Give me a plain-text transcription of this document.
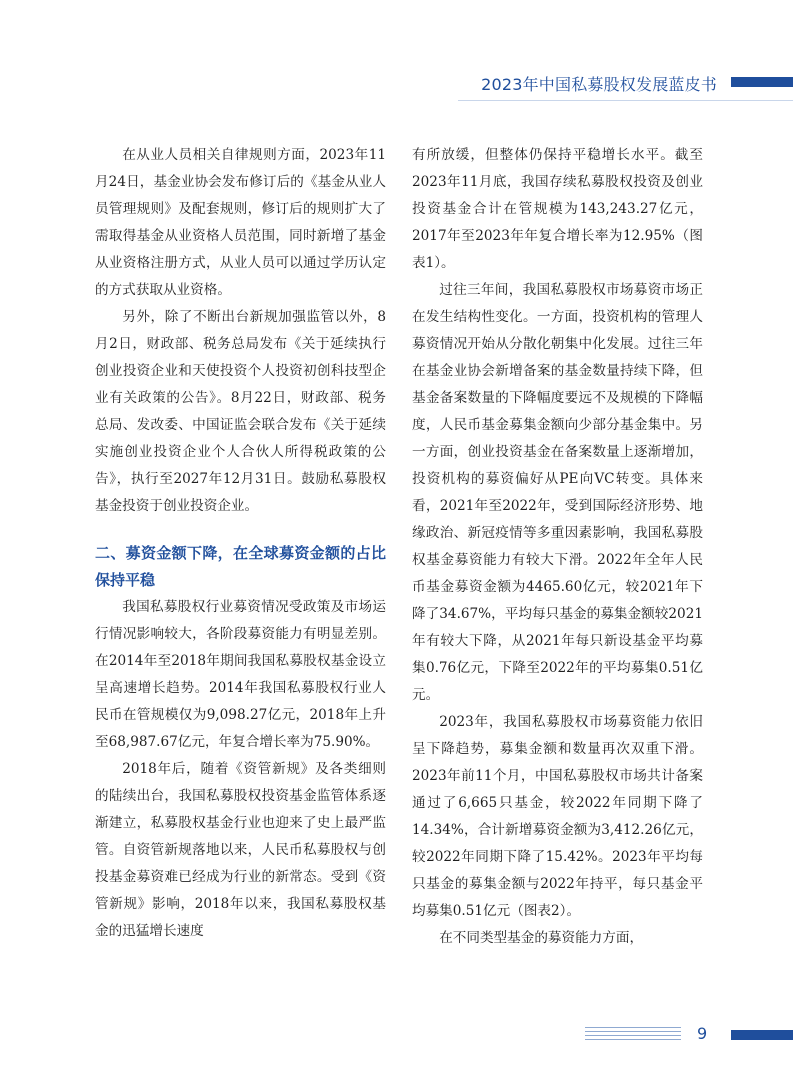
2023年中国私募股权发展蓝皮书

在从业人员相关自律规则方面，2023年11月24日，基金业协会发布修订后的《基金从业人员管理规则》及配套规则，修订后的规则扩大了需取得基金从业资格人员范围，同时新增了基金从业资格注册方式，从业人员可以通过学历认定的方式获取从业资格。

另外，除了不断出台新规加强监管以外，8月2日，财政部、税务总局发布《关于延续执行创业投资企业和天使投资个人投资初创科技型企业有关政策的公告》。8月22日，财政部、税务总局、发改委、中国证监会联合发布《关于延续实施创业投资企业个人合伙人所得税政策的公告》，执行至2027年12月31日。鼓励私募股权基金投资于创业投资企业。

二、募资金额下降，在全球募资金额的占比保持平稳

我国私募股权行业募资情况受政策及市场运行情况影响较大，各阶段募资能力有明显差别。在2014年至2018年期间我国私募股权基金设立呈高速增长趋势。2014年我国私募股权行业人民币在管规模仅为9,098.27亿元，2018年上升至68,987.67亿元，年复合增长率为75.90%。

2018年后，随着《资管新规》及各类细则的陆续出台，我国私募股权投资基金监管体系逐渐建立，私募股权基金行业也迎来了史上最严监管。自资管新规落地以来，人民币私募股权与创投基金募资难已经成为行业的新常态。受到《资管新规》影响，2018年以来，我国私募股权基金的迅猛增长速度

有所放缓，但整体仍保持平稳增长水平。截至2023年11月底，我国存续私募股权投资及创业投资基金合计在管规模为143,243.27亿元，2017年至2023年年复合增长率为12.95%（图表1）。

过往三年间，我国私募股权市场募资市场正在发生结构性变化。一方面，投资机构的管理人募资情况开始从分散化朝集中化发展。过往三年在基金业协会新增备案的基金数量持续下降，但基金备案数量的下降幅度要远不及规模的下降幅度，人民币基金募集金额向少部分基金集中。另一方面，创业投资基金在备案数量上逐渐增加，投资机构的募资偏好从PE向VC转变。具体来看，2021年至2022年，受到国际经济形势、地缘政治、新冠疫情等多重因素影响，我国私募股权基金募资能力有较大下滑。2022年全年人民币基金募资金额为4465.60亿元，较2021年下降了34.67%，平均每只基金的募集金额较2021年有较大下降，从2021年每只新设基金平均募集0.76亿元，下降至2022年的平均募集0.51亿元。

2023年，我国私募股权市场募资能力依旧呈下降趋势，募集金额和数量再次双重下滑。2023年前11个月，中国私募股权市场共计备案通过了6,665只基金，较2022年同期下降了14.34%，合计新增募资金额为3,412.26亿元，较2022年同期下降了15.42%。2023年平均每只基金的募集金额与2022年持平，每只基金平均募集0.51亿元（图表2）。

在不同类型基金的募资能力方面，

9
